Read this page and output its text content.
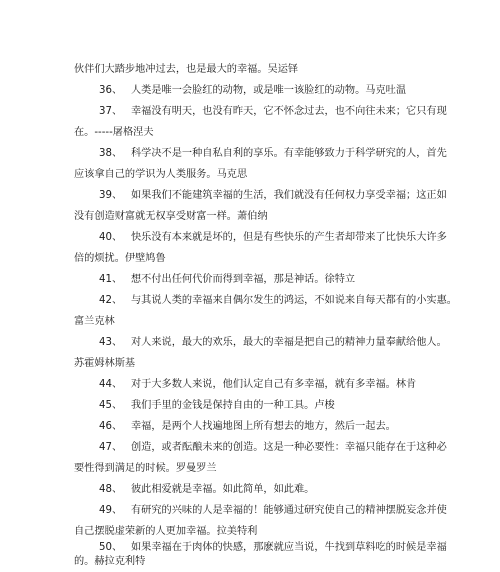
伙伴们大踏步地冲过去，也是最大的幸福。吴运铎
36、 人类是唯一会脸红的动物，或是唯一该脸红的动物。马克吐温
37、 幸福没有明天，也没有昨天，它不怀念过去，也不向往未来；它只有现
在。-----屠格涅夫
38、 科学决不是一种自私自利的享乐。有幸能够致力于科学研究的人，首先
应该拿自己的学识为人类服务。马克思
39、 如果我们不能建筑幸福的生活，我们就没有任何权力享受幸福；这正如
没有创造财富就无权享受财富一样。萧伯纳
40、 快乐没有本来就是坏的，但是有些快乐的产生者却带来了比快乐大许多
倍的烦扰。伊壁鸠鲁
41、 想不付出任何代价而得到幸福，那是神话。徐特立
42、 与其说人类的幸福来自偶尔发生的鸿运，不如说来自每天都有的小实惠。
富兰克林
43、 对人来说，最大的欢乐，最大的幸福是把自己的精神力量奉献给他人。
苏霍姆林斯基
44、 对于大多数人来说，他们认定自己有多幸福，就有多幸福。林肯
45、 我们手里的金钱是保持自由的一种工具。卢梭
46、 幸福，是两个人找遍地图上所有想去的地方，然后一起去。
47、 创造，或者酝酿未来的创造。这是一种必要性：幸福只能存在于这种必
要性得到满足的时候。罗曼罗兰
48、 彼此相爱就是幸福。如此简单，如此难。
49、 有研究的兴味的人是幸福的！能够通过研究使自己的精神摆脱妄念并使
自己摆脱虚荣新的人更加幸福。拉美特利
50、 如果幸福在于肉体的快感，那麽就应当说，牛找到草料吃的时候是幸福
的。赫拉克利特
